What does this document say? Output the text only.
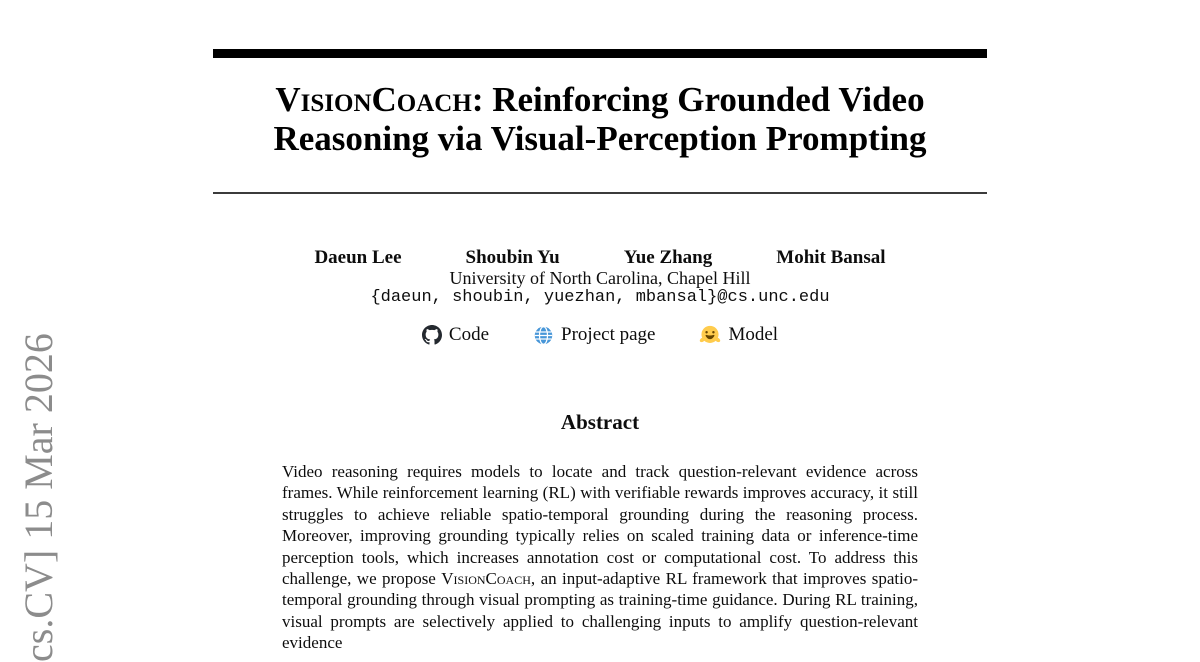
VisionCoach: Reinforcing Grounded Video
Reasoning via Visual-Perception Prompting
Daeun Lee	Shoubin Yu	Yue Zhang	Mohit Bansal
University of North Carolina, Chapel Hill
{daeun, shoubin, yuezhan, mbansal}@cs.unc.edu
Code	Project page	Model
Abstract

Video reasoning requires models to locate and track question-relevant evidence across frames. While reinforcement learning (RL) with verifiable rewards improves accuracy, it still struggles to achieve reliable spatio-temporal grounding during the reasoning process. Moreover, improving grounding typically relies on scaled training data or inference-time perception tools, which increases annotation cost or computational cost. To address this challenge, we propose VisionCoach, an input-adaptive RL framework that improves spatio-temporal grounding through visual prompting as training-time guidance. During RL training, visual prompts are selectively applied to challenging inputs to amplify question-relevant evidence

cs.CV] 15 Mar 2026
